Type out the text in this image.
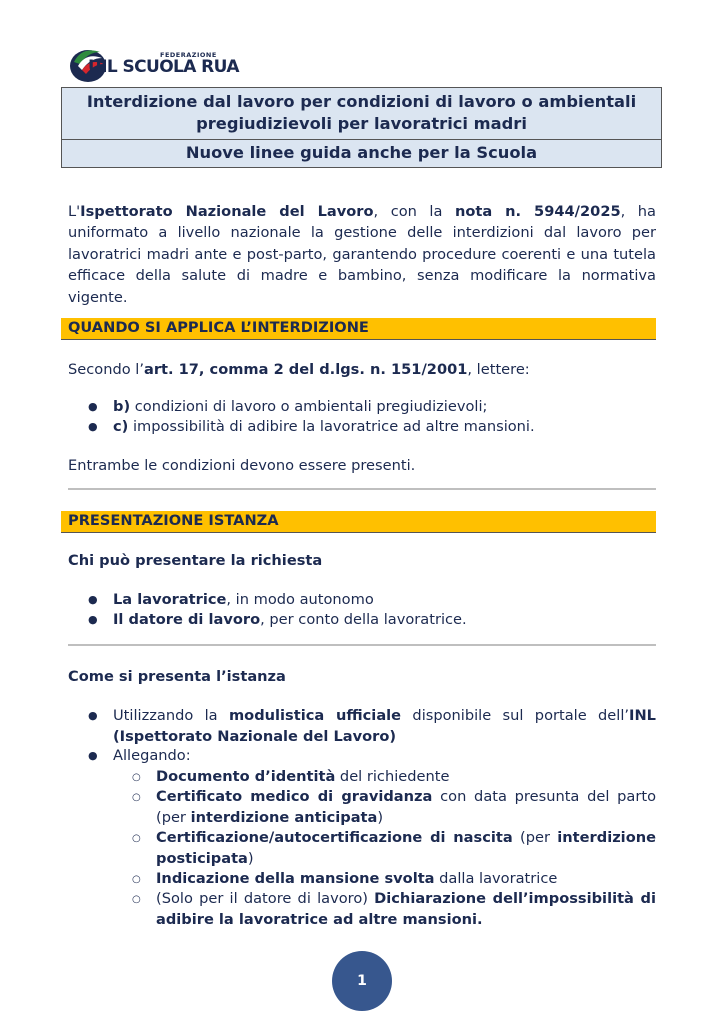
FEDERAZIONE
UIL SCUOLA RUA
Interdizione dal lavoro per condizioni di lavoro o ambientali pregiudizievoli per lavoratrici madri
Nuove linee guida anche per la Scuola
L'Ispettorato Nazionale del Lavoro, con la nota n. 5944/2025, ha uniformato a livello nazionale la gestione delle interdizioni dal lavoro per lavoratrici madri ante e post-parto, garantendo procedure coerenti e una tutela efficace della salute di madre e bambino, senza modificare la normativa vigente.
QUANDO SI APPLICA L’INTERDIZIONE
Secondo l’art. 17, comma 2 del d.lgs. n. 151/2001, lettere:
● b) condizioni di lavoro o ambientali pregiudizievoli;
● c) impossibilità di adibire la lavoratrice ad altre mansioni.
Entrambe le condizioni devono essere presenti.
PRESENTAZIONE ISTANZA
Chi può presentare la richiesta
● La lavoratrice, in modo autonomo
● Il datore di lavoro, per conto della lavoratrice.
Come si presenta l’istanza
● Utilizzando la modulistica ufficiale disponibile sul portale dell’INL (Ispettorato Nazionale del Lavoro)
● Allegando:
○ Documento d’identità del richiedente
○ Certificato medico di gravidanza con data presunta del parto (per interdizione anticipata)
○ Certificazione/autocertificazione di nascita (per interdizione posticipata)
○ Indicazione della mansione svolta dalla lavoratrice
○ (Solo per il datore di lavoro) Dichiarazione dell’impossibilità di adibire la lavoratrice ad altre mansioni.
1
